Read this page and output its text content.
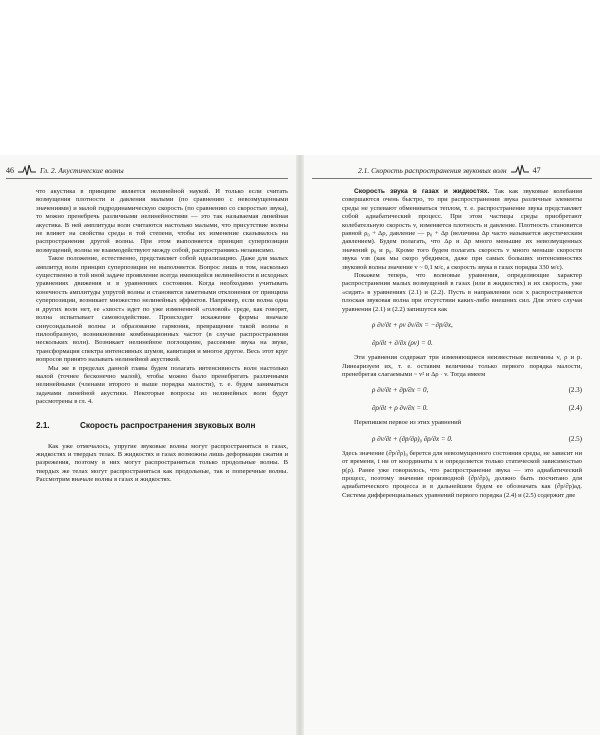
46	Гл. 2. Акустические волны	2.1. Скорость распространения звуковых волн	47

что акустика в принципе является нелинейной наукой. И только если считать возмущения плотности и давления малыми (по сравнению с невозмущенными значениями) и малой гидродинамическую скорость (по сравнению со скоростью звука), то можно пренебречь различными нелинейностями — это так называемая линейная акустика. В ней амплитуды волн считаются настолько малыми, что присутствие волны не влияет на свойства среды в той степени, чтобы их изменение сказывалось на распространении другой волны. При этом выполняется принцип суперпозиции возмущений, волны не взаимодействуют между собой, распространяясь независимо.

Такое положение, естественно, представляет собой идеализацию. Даже для малых амплитуд волн принцип суперпозиции не выполняется. Вопрос лишь в том, насколько существенно в той иной задаче проявление всегда имеющейся нелинейности в исходных уравнениях движения и в уравнениях состояния. Когда необходимо учитывать конечность амплитуды упругой волны и становятся заметными отклонения от принципа суперпозиции, возникает множество нелинейных эффектов. Например, если волна одна и других волн нет, ее «хвост» идет по уже измененной «головой» среде, как говорят, волна испытывает самовоздействие. Происходит искажение формы вначале синусоидальной волны и образование гармоник, превращение такой волны в пилообразную, возникновение комбинационных частот (в случае распространения нескольких волн). Возникает нелинейное поглощение, рассеяние звука на звуке, трансформация спектра интенсивных шумов, кавитация и многое другое. Весь этот круг вопросов принято называть нелинейной акустикой.

Мы же в пределах данной главы будем полагать интенсивность волн настолько малой (точнее бесконечно малой), чтобы можно было пренебрегать различными нелинейными (членами второго и выше порядка малости), т. е. будем заниматься задачами линейной акустики. Некоторые вопросы из нелинейных волн будут рассмотрены в гл. 4.

2.1.	Скорость распространения звуковых волн

Как уже отмечалось, упругие звуковые волны могут распространяться в газах, жидкостях и твердых телах. В жидкостях и газах возможны лишь деформации сжатия и разрежения, поэтому в них могут распространяться только продольные волны. В твердых же телах могут распространяться как продольные, так и поперечные волны. Рассмотрим вначале волны в газах и жидкостях.

Скорость звука в газах и жидкостях. Так как звуковые колебания совершаются очень быстро, то при распространении звука различные элементы среды не успевают обмениваться теплом, т. е. распространение звука представляет собой адиабатический процесс. При этом частицы среды приобретают колебательную скорость v, изменяется плотность и давление. Плотность становится равной ρ₀ + Δρ, давление — p₀ + Δp (величина Δp часто называется акустическим давлением). Будем полагать, что Δρ и Δp много меньшие их невозмущенных значений ρ₀ и p₀. Кроме того будем полагать скорость v много меньше скорости звука vзв (как мы скоро убедимся, даже при самых больших интенсивностях звуковой волны значение v ~ 0,1 м/с, а скорость звука в газах порядка 330 м/с).

Покажем теперь, что волновые уравнения, определяющие характер распространения малых возмущений в газах (или в жидкостях) и их скорость, уже «сидят» в уравнениях (2.1) и (2.2). Пусть в направлении оси x распространяется плоская звуковая волна при отсутствии каких-либо внешних сил. Для этого случая уравнения (2.1) и (2.2) запишутся как

ρ ∂v/∂t + ρv ∂v/∂x = −∂p/∂x,
∂ρ/∂t + ∂/∂x (ρv) = 0.

Эти уравнения содержат три изменяющиеся неизвестные величины v, ρ и p. Линеаризуем их, т. е. оставим величины только первого порядка малости, пренебрегая слагаемыми ~ v² и Δρ · v. Тогда имеем

ρ ∂v/∂t + ∂p/∂x = 0,	(2.3)
∂ρ/∂t + ρ ∂v/∂x = 0.	(2.4)

Перепишем первое из этих уравнений

ρ ∂v/∂t + (∂p/∂ρ)₀ ∂ρ/∂x = 0.	(2.5)

Здесь значение (∂p/∂ρ)₀ берется для невозмущенного состояния среды, не зависит ни от времени, t ни от координаты x и определяется только статической зависимостью p(ρ). Ранее уже говорилось, что распространение звука — это адиабатический процесс, поэтому значение производной (∂p/∂ρ)₀ должно быть посчитано для адиабатического процесса и в дальнейшем будем ее обозначать как (∂p/∂ρ)ад. Система дифференциальных уравнений первого порядка (2.4) и (2.5) содержит две
